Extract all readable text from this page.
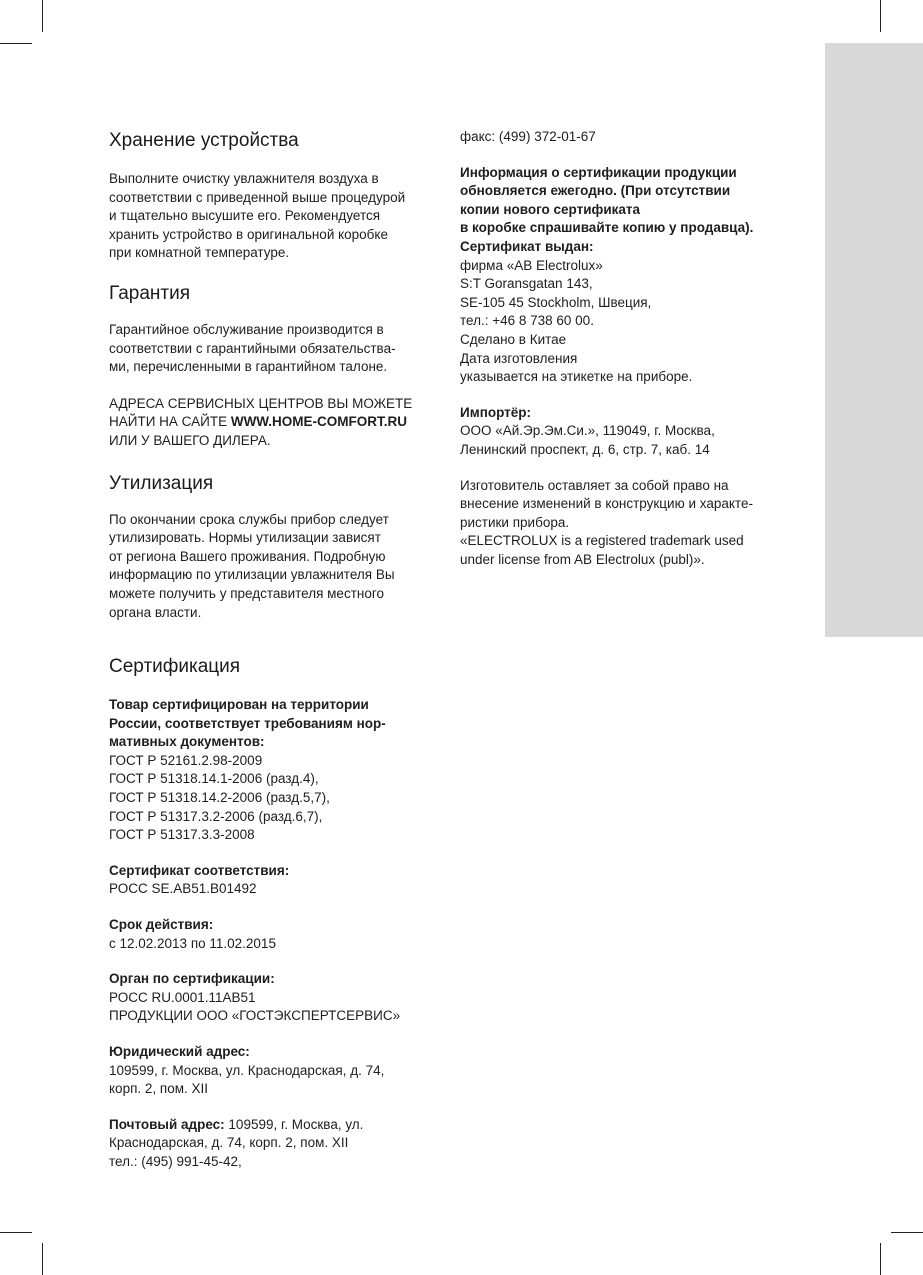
Хранение устройства
Выполните очистку увлажнителя воздуха в
соответствии с приведенной выше процедурой
и тщательно высушите его. Рекомендуется
хранить устройство в оригинальной коробке
при комнатной температуре.
Гарантия
Гарантийное обслуживание производится в
соответствии с гарантийными обязательства-
ми, перечисленными в гарантийном талоне.
АДРЕСА СЕРВИСНЫХ ЦЕНТРОВ ВЫ МОЖЕТЕ
НАЙТИ НА САЙТЕ WWW.HOME-COMFORT.RU
ИЛИ У ВАШЕГО ДИЛЕРА.
Утилизация
По окончании срока службы прибор следует
утилизировать. Нормы утилизации зависят
от региона Вашего проживания. Подробную
информацию по утилизации увлажнителя Вы
можете получить у представителя местного
органа власти.
Сертификация
Товар сертифицирован на территории
России, соответствует требованиям нор-
мативных документов:
ГОСТ Р 52161.2.98-2009
ГОСТ Р 51318.14.1-2006 (разд.4),
ГОСТ Р 51318.14.2-2006 (разд.5,7),
ГОСТ Р 51317.3.2-2006 (разд.6,7),
ГОСТ Р 51317.3.3-2008
Сертификат соответствия:
РОСС SE.AB51.B01492
Срок действия:
с 12.02.2013 по 11.02.2015
Орган по сертификации:
РОСС RU.0001.11AB51
ПРОДУКЦИИ ООО «ГОСТЭКСПЕРТСЕРВИС»
Юридический адрес:
109599, г. Москва, ул. Краснодарская, д. 74,
корп. 2, пом. XII
Почтовый адрес: 109599, г. Москва, ул.
Краснодарская, д. 74, корп. 2, пом. XII
тел.: (495) 991-45-42,
факс: (499) 372-01-67
Информация о сертификации продукции
обновляется ежегодно. (При отсутствии
копии нового сертификата
в коробке спрашивайте копию у продавца).
Сертификат выдан:
фирма «AB Electrolux»
S:T Goransgatan 143,
SE-105 45 Stockholm, Швеция,
тел.: +46 8 738 60 00.
Сделано в Китае
Дата изготовления
указывается на этикетке на приборе.
Импортёр:
ООО «Ай.Эр.Эм.Си.», 119049, г. Москва,
Ленинский проспект, д. 6, стр. 7, каб. 14
Изготовитель оставляет за собой право на
внесение изменений в конструкцию и характе-
ристики прибора.
«ELECTROLUX is a registered trademark used
under license from AB Electrolux (publ)».
